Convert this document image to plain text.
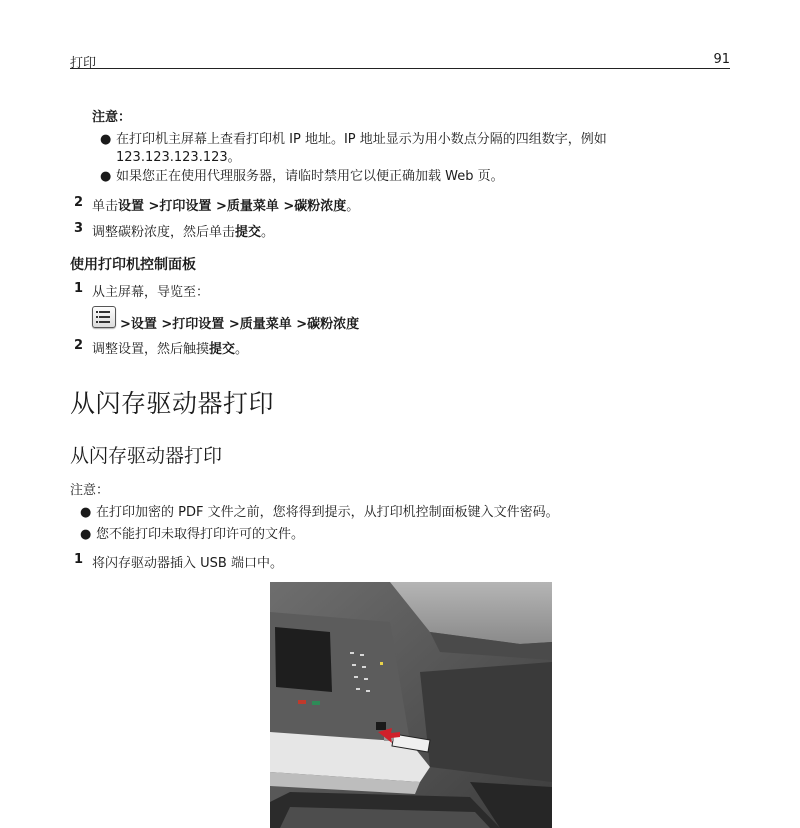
打印	91
注意：
● 在打印机主屏幕上查看打印机 IP 地址。IP 地址显示为用小数点分隔的四组数字，例如
123.123.123.123。
● 如果您正在使用代理服务器，请临时禁用它以便正确加载 Web 页。
2 单击设置 >打印设置 >质量菜单 >碳粉浓度。
3 调整碳粉浓度，然后单击提交。
使用打印机控制面板
1 从主屏幕，导览至：
>设置 >打印设置 >质量菜单 >碳粉浓度
2 调整设置，然后触摸提交。
从闪存驱动器打印
从闪存驱动器打印
注意：
● 在打印加密的 PDF 文件之前，您将得到提示，从打印机控制面板键入文件密码。
● 您不能打印未取得打印许可的文件。
1 将闪存驱动器插入 USB 端口中。
